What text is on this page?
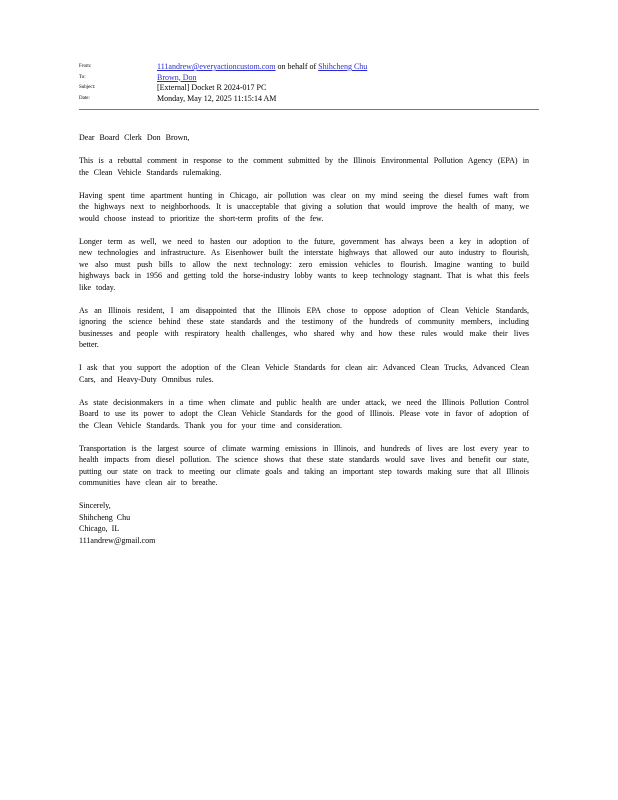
From:	111andrew@everyactioncustom.com on behalf of Shihcheng Chu
To:	Brown, Don
Subject:	[External] Docket R 2024-017 PC
Date:	Monday, May 12, 2025 11:15:14 AM

Dear Board Clerk Don Brown,

This is a rebuttal comment in response to the comment submitted by the Illinois Environmental Pollution Agency (EPA) in the Clean Vehicle Standards rulemaking.

Having spent time apartment hunting in Chicago, air pollution was clear on my mind seeing the diesel fumes waft from the highways next to neighborhoods. It is unacceptable that giving a solution that would improve the health of many, we would choose instead to prioritize the short-term profits of the few.

Longer term as well, we need to hasten our adoption to the future, government has always been a key in adoption of new technologies and infrastructure. As Eisenhower built the interstate highways that allowed our auto industry to flourish, we also must push bills to allow the next technology: zero emission vehicles to flourish. Imagine wanting to build highways back in 1956 and getting told the horse-industry lobby wants to keep technology stagnant. That is what this feels like today.

As an Illinois resident, I am disappointed that the Illinois EPA chose to oppose adoption of Clean Vehicle Standards, ignoring the science behind these state standards and the testimony of the hundreds of community members, including businesses and people with respiratory health challenges, who shared why and how these rules would make their lives better.

I ask that you support the adoption of the Clean Vehicle Standards for clean air: Advanced Clean Trucks, Advanced Clean Cars, and Heavy-Duty Omnibus rules.

As state decisionmakers in a time when climate and public health are under attack, we need the Illinois Pollution Control Board to use its power to adopt the Clean Vehicle Standards for the good of Illinois. Please vote in favor of adoption of the Clean Vehicle Standards. Thank you for your time and consideration.

Transportation is the largest source of climate warming emissions in Illinois, and hundreds of lives are lost every year to health impacts from diesel pollution. The science shows that these state standards would save lives and benefit our state, putting our state on track to meeting our climate goals and taking an important step towards making sure that all Illinois communities have clean air to breathe.

Sincerely,
Shihcheng Chu
Chicago, IL
111andrew@gmail.com
